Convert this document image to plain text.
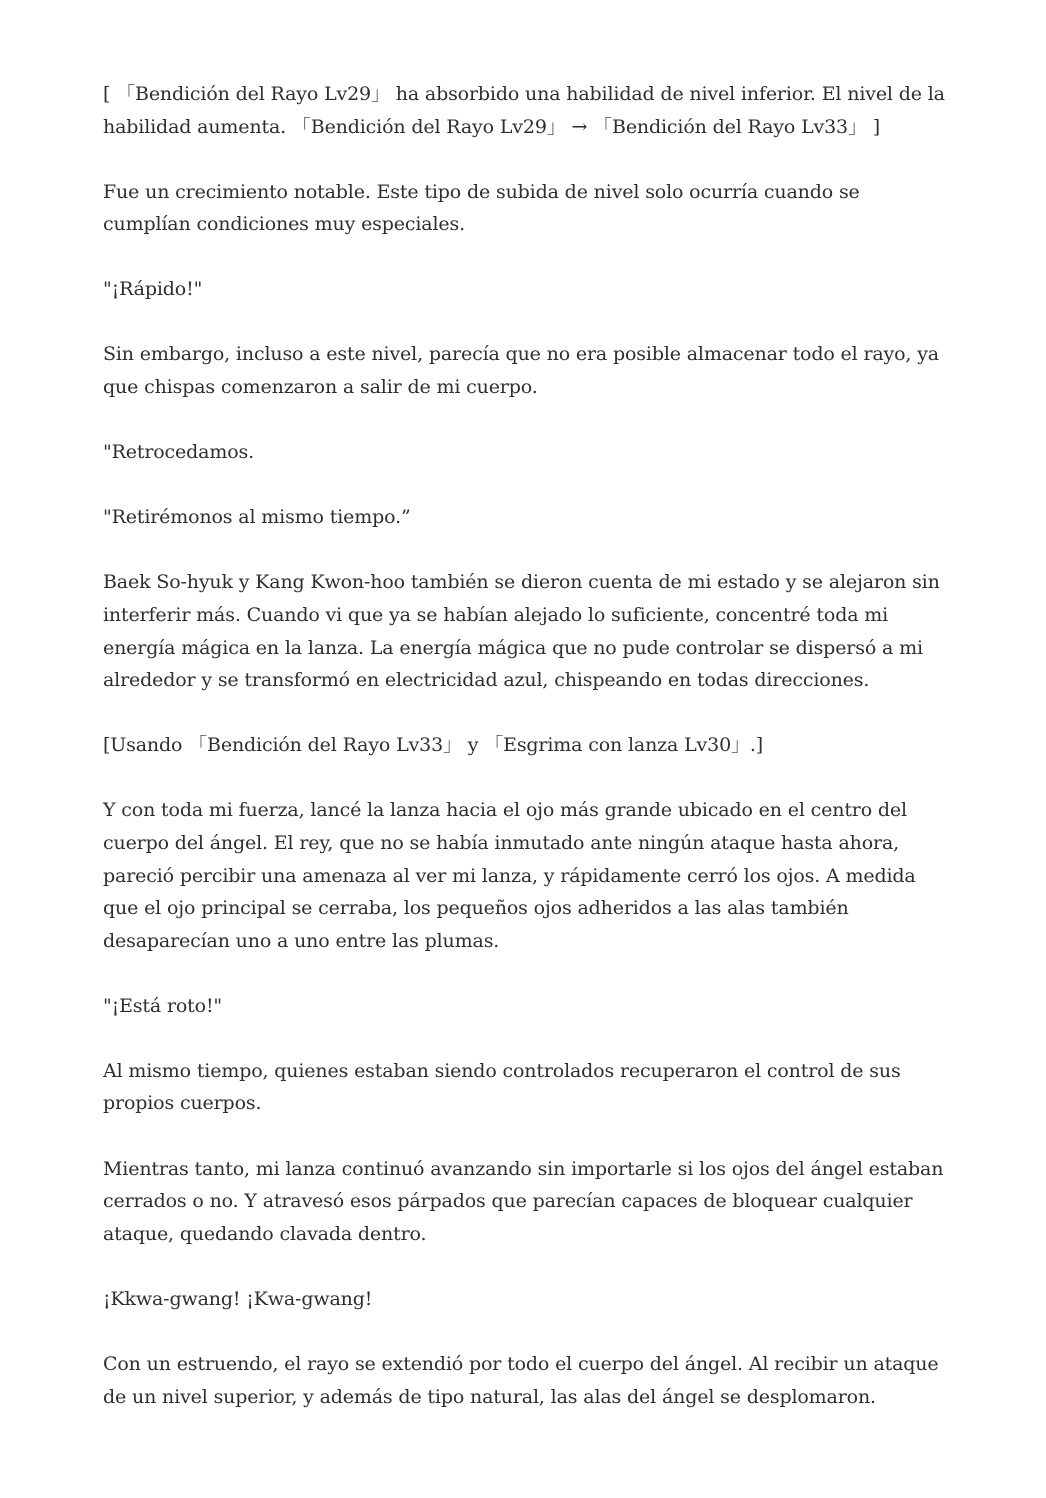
[ 「Bendición del Rayo Lv29」 ha absorbido una habilidad de nivel inferior. El nivel de la habilidad aumenta. 「Bendición del Rayo Lv29」 → 「Bendición del Rayo Lv33」 ]

Fue un crecimiento notable. Este tipo de subida de nivel solo ocurría cuando se cumplían condiciones muy especiales.

"¡Rápido!"

Sin embargo, incluso a este nivel, parecía que no era posible almacenar todo el rayo, ya que chispas comenzaron a salir de mi cuerpo.

"Retrocedamos.

"Retirémonos al mismo tiempo.”

Baek So-hyuk y Kang Kwon-hoo también se dieron cuenta de mi estado y se alejaron sin interferir más. Cuando vi que ya se habían alejado lo suficiente, concentré toda mi energía mágica en la lanza. La energía mágica que no pude controlar se dispersó a mi alrededor y se transformó en electricidad azul, chispeando en todas direcciones.

[Usando 「Bendición del Rayo Lv33」 y 「Esgrima con lanza Lv30」.]

Y con toda mi fuerza, lancé la lanza hacia el ojo más grande ubicado en el centro del cuerpo del ángel. El rey, que no se había inmutado ante ningún ataque hasta ahora, pareció percibir una amenaza al ver mi lanza, y rápidamente cerró los ojos. A medida que el ojo principal se cerraba, los pequeños ojos adheridos a las alas también desaparecían uno a uno entre las plumas.

"¡Está roto!"

Al mismo tiempo, quienes estaban siendo controlados recuperaron el control de sus propios cuerpos.

Mientras tanto, mi lanza continuó avanzando sin importarle si los ojos del ángel estaban cerrados o no. Y atravesó esos párpados que parecían capaces de bloquear cualquier ataque, quedando clavada dentro.

¡Kkwa-gwang! ¡Kwa-gwang!

Con un estruendo, el rayo se extendió por todo el cuerpo del ángel. Al recibir un ataque de un nivel superior, y además de tipo natural, las alas del ángel se desplomaron.
